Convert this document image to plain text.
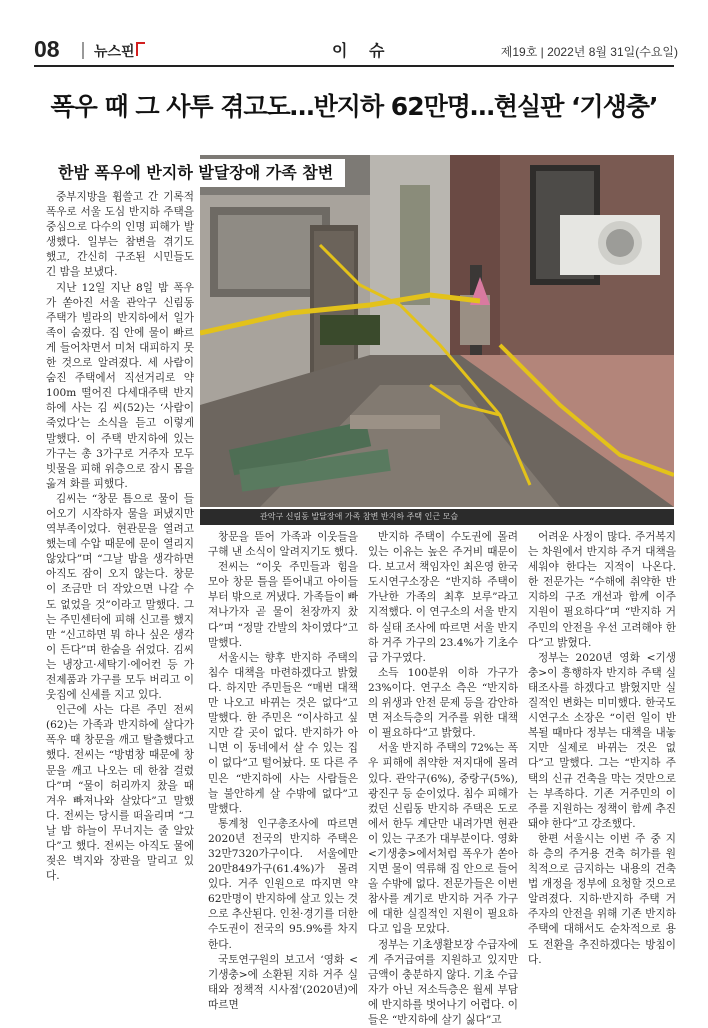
08 뉴스핀	이 슈	제19호 | 2022년 8월 31일(수요일)
폭우 때 그 사투 겪고도…반지하 62만명…현실판 ‘기생충’
관악구 신림동 발달장애 가족 참변 반지하 주택 인근 모습
한밤 폭우에 반지하 발달장애 가족 참변

중부지방을 휩쓸고 간 기록적 폭우로 서울 도심 반지하 주택을 중심으로 다수의 인명 피해가 발생했다. 일부는 참변을 겪기도 했고, 간신히 구조된 시민들도 긴 밤을 보냈다.

지난 12일 지난 8일 밤 폭우가 쏟아진 서울 관악구 신림동 주택가 빌라의 반지하에서 일가족이 숨졌다. 집 안에 물이 빠르게 들어차면서 미처 대피하지 못한 것으로 알려졌다. 세 사람이 숨진 주택에서 직선거리로 약 100m 떨어진 다세대주택 반지하에 사는 김 씨(52)는 ‘사람이 죽었다’는 소식을 듣고 이렇게 말했다. 이 주택 반지하에 있는 가구는 총 3가구로 거주자 모두 빗물을 피해 위층으로 잠시 몸을 옮겨 화를 피했다.

김씨는 “창문 틈으로 물이 들어오기 시작하자 물을 퍼냈지만 역부족이었다. 현관문을 열려고 했는데 수압 때문에 문이 열리지 않았다”며 “그날 밤을 생각하면 아직도 잠이 오지 않는다. 창문이 조금만 더 작았으면 나갈 수도 없었을 것”이라고 말했다. 그는 주민센터에 피해 신고를 했지만 “신고하면 뭐 하나 싶은 생각이 든다”며 한숨을 쉬었다. 김씨는 냉장고·세탁기·에어컨 등 가전제품과 가구를 모두 버리고 이웃집에 신세를 지고 있다.

인근에 사는 다른 주민 전씨(62)는 가족과 반지하에 살다가 폭우 때 창문을 깨고 탈출했다고 했다. 전씨는 “방범창 때문에 창문을 깨고 나오는 데 한참 걸렸다”며 “물이 허리까지 찼을 때 겨우 빠져나와 살았다”고 말했다. 전씨는 당시를 떠올리며 “그날 밤 하늘이 무너지는 줄 알았다”고 했다. 전씨는 아직도 물에 젖은 벽지와 장판을 말리고 있다.

창문을 뜯어 가족과 이웃들을 구해 낸 소식이 알려지기도 했다.

전씨는 “이웃 주민들과 힘을 모아 창문 틀을 뜯어내고 아이들부터 밖으로 꺼냈다. 가족들이 빠져나가자 곧 물이 천장까지 찼다”며 “정말 간발의 차이였다”고 말했다.

서울시는 향후 반지하 주택의 침수 대책을 마련하겠다고 밝혔다. 하지만 주민들은 “매번 대책만 나오고 바뀌는 것은 없다”고 말했다. 한 주민은 “이사하고 싶지만 갈 곳이 없다. 반지하가 아니면 이 동네에서 살 수 있는 집이 없다”고 털어놨다. 또 다른 주민은 “반지하에 사는 사람들은 늘 불안하게 살 수밖에 없다”고 말했다.

통계청 인구총조사에 따르면 2020년 전국의 반지하 주택은 32만7320가구이다. 서울에만 20만849가구(61.4%)가 몰려 있다. 거주 인원으로 따지면 약 62만명이 반지하에 살고 있는 것으로 추산된다. 인천·경기를 더한 수도권이 전국의 95.9%를 차지한다.

국토연구원의 보고서 ‘영화 <기생충>에 소환된 지하 거주 실태와 정책적 시사점’(2020년)에 따르면

반지하 주택이 수도권에 몰려 있는 이유는 높은 주거비 때문이다. 보고서 책임자인 최은영 한국도시연구소장은 “반지하 주택이 가난한 가족의 최후 보루”라고 지적했다. 이 연구소의 서울 반지하 실태 조사에 따르면 서울 반지하 거주 가구의 23.4%가 기초수급 가구였다.

소득 100분위 이하 가구가 23%이다. 연구소 측은 “반지하의 위생과 안전 문제 등을 감안하면 저소득층의 거주를 위한 대책이 필요하다”고 밝혔다.

서울 반지하 주택의 72%는 폭우 피해에 취약한 저지대에 몰려 있다. 관악구(6%), 중랑구(5%), 광진구 등 순이었다. 침수 피해가 컸던 신림동 반지하 주택은 도로에서 한두 계단만 내려가면 현관이 있는 구조가 대부분이다. 영화 <기생충>에서처럼 폭우가 쏟아지면 물이 역류해 집 안으로 들어올 수밖에 없다. 전문가들은 이번 참사를 계기로 반지하 거주 가구에 대한 실질적인 지원이 필요하다고 입을 모았다.

정부는 기초생활보장 수급자에게 주거급여를 지원하고 있지만 금액이 충분하지 않다. 기초 수급자가 아닌 저소득층은 월세 부담에 반지하를 벗어나기 어렵다. 이들은 “반지하에 살기 싫다”고

어려운 사정이 많다. 주거복지는 차원에서 반지하 주거 대책을 세워야 한다는 지적이 나온다. 한 전문가는 “수해에 취약한 반지하의 구조 개선과 함께 이주 지원이 필요하다”며 “반지하 거주민의 안전을 우선 고려해야 한다”고 밝혔다.

정부는 2020년 영화 <기생충>이 흥행하자 반지하 주택 실태조사를 하겠다고 밝혔지만 실질적인 변화는 미미했다. 한국도시연구소 소장은 “이런 일이 반복될 때마다 정부는 대책을 내놓지만 실제로 바뀌는 것은 없다”고 말했다. 그는 “반지하 주택의 신규 건축을 막는 것만으로는 부족하다. 기존 거주민의 이주를 지원하는 정책이 함께 추진돼야 한다”고 강조했다.

한편 서울시는 이번 주 중 지하 층의 주거용 건축 허가를 원칙적으로 금지하는 내용의 건축법 개정을 정부에 요청할 것으로 알려졌다. 지하·반지하 주택 거주자의 안전을 위해 기존 반지하 주택에 대해서도 순차적으로 용도 전환을 추진하겠다는 방침이다.
